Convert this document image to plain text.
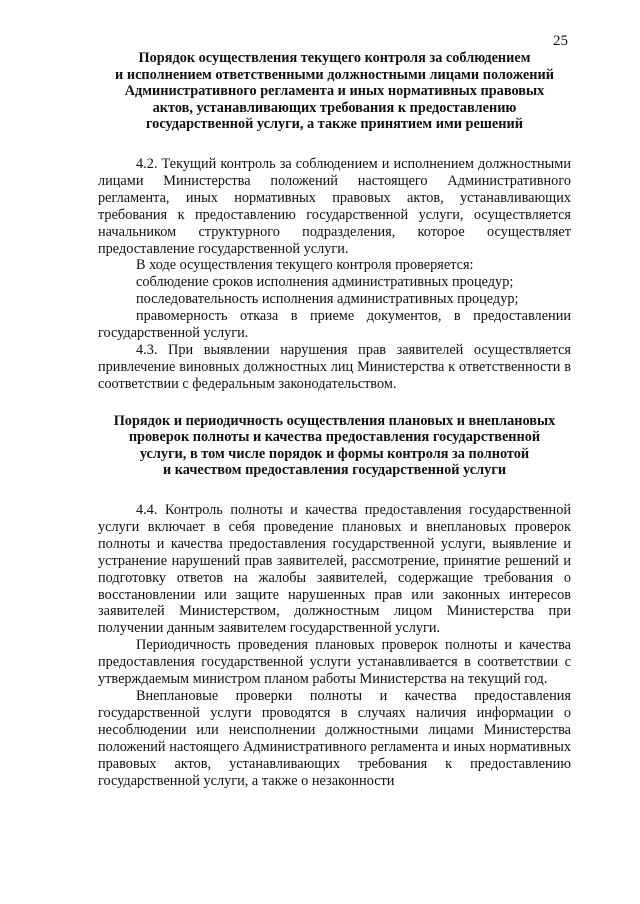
25
Порядок осуществления текущего контроля за соблюдением
и исполнением ответственными должностными лицами положений
Административного регламента и иных нормативных правовых
актов, устанавливающих требования к предоставлению
государственной услуги, а также принятием ими решений

4.2. Текущий контроль за соблюдением и исполнением должностными лицами Министерства положений настоящего Административного регламента, иных нормативных правовых актов, устанавливающих требования к предоставлению государственной услуги, осуществляется начальником структурного подразделения, которое осуществляет предоставление государственной услуги.

В ходе осуществления текущего контроля проверяется:

соблюдение сроков исполнения административных процедур;

последовательность исполнения административных процедур;

правомерность отказа в приеме документов, в предоставлении государственной услуги.

4.3. При выявлении нарушения прав заявителей осуществляется привлечение виновных должностных лиц Министерства к ответственности в соответствии с федеральным законодательством.

Порядок и периодичность осуществления плановых и внеплановых
проверок полноты и качества предоставления государственной
услуги, в том числе порядок и формы контроля за полнотой
и качеством предоставления государственной услуги

4.4. Контроль полноты и качества предоставления государственной услуги включает в себя проведение плановых и внеплановых проверок полноты и качества предоставления государственной услуги, выявление и устранение нарушений прав заявителей, рассмотрение, принятие решений и подготовку ответов на жалобы заявителей, содержащие требования о восстановлении или защите нарушенных прав или законных интересов заявителей Министерством, должностным лицом Министерства при получении данным заявителем государственной услуги.

Периодичность проведения плановых проверок полноты и качества предоставления государственной услуги устанавливается в соответствии с утверждаемым министром планом работы Министерства на текущий год.

Внеплановые проверки полноты и качества предоставления государственной услуги проводятся в случаях наличия информации о несоблюдении или неисполнении должностными лицами Министерства положений настоящего Административного регламента и иных нормативных правовых актов, устанавливающих требования к предоставлению государственной услуги, а также о незаконности
